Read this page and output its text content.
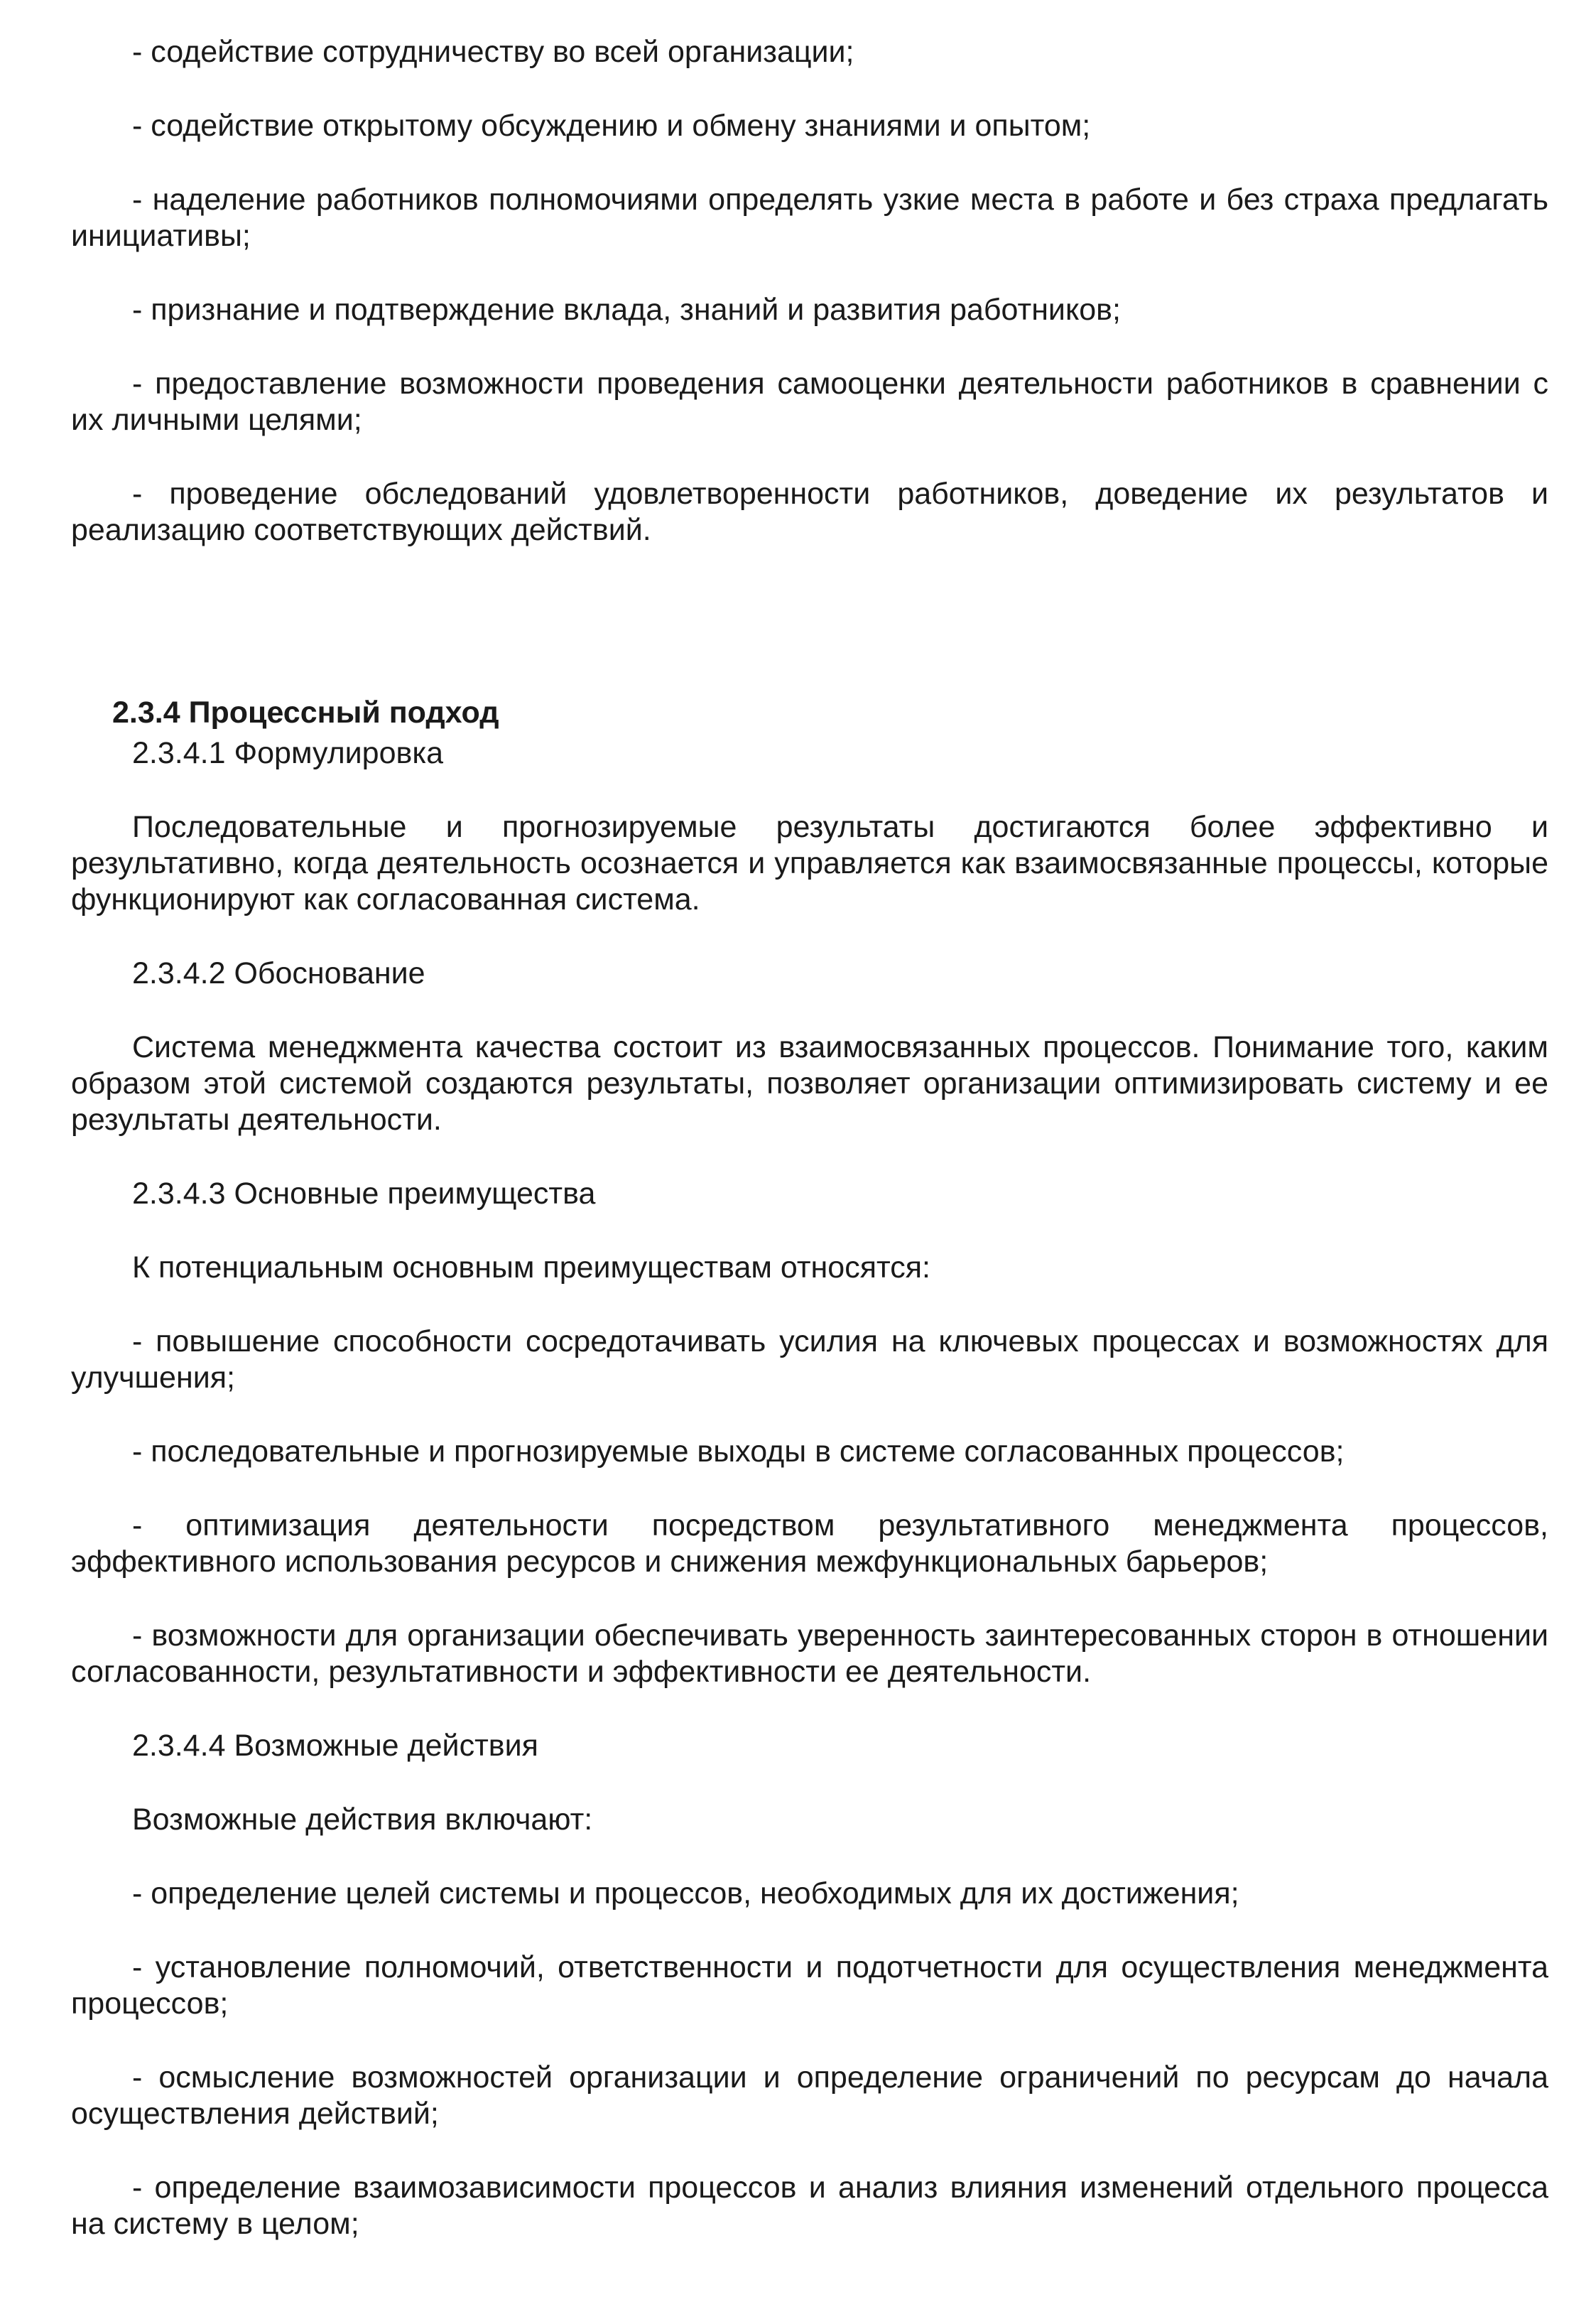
- содействие сотрудничеству во всей организации;

- содействие открытому обсуждению и обмену знаниями и опытом;

- наделение работников полномочиями определять узкие места в работе и без страха предлагать инициативы;

- признание и подтверждение вклада, знаний и развития работников;

- предоставление возможности проведения самооценки деятельности работников в сравнении с их личными целями;

- проведение обследований удовлетворенности работников, доведение их результатов и реализацию соответствующих действий.

2.3.4 Процессный подход

2.3.4.1 Формулировка

Последовательные и прогнозируемые результаты достигаются более эффективно и результативно, когда деятельность осознается и управляется как взаимосвязанные процессы, которые функционируют как согласованная система.

2.3.4.2 Обоснование

Система менеджмента качества состоит из взаимосвязанных процессов. Понимание того, каким образом этой системой создаются результаты, позволяет организации оптимизировать систему и ее результаты деятельности.

2.3.4.3 Основные преимущества

К потенциальным основным преимуществам относятся:

- повышение способности сосредотачивать усилия на ключевых процессах и возможностях для улучшения;

- последовательные и прогнозируемые выходы в системе согласованных процессов;

- оптимизация деятельности посредством результативного менеджмента процессов, эффективного использования ресурсов и снижения межфункциональных барьеров;

- возможности для организации обеспечивать уверенность заинтересованных сторон в отношении согласованности, результативности и эффективности ее деятельности.

2.3.4.4 Возможные действия

Возможные действия включают:

- определение целей системы и процессов, необходимых для их достижения;

- установление полномочий, ответственности и подотчетности для осуществления менеджмента процессов;

- осмысление возможностей организации и определение ограничений по ресурсам до начала осуществления действий;

- определение взаимозависимости процессов и анализ влияния изменений отдельного процесса на систему в целом;
